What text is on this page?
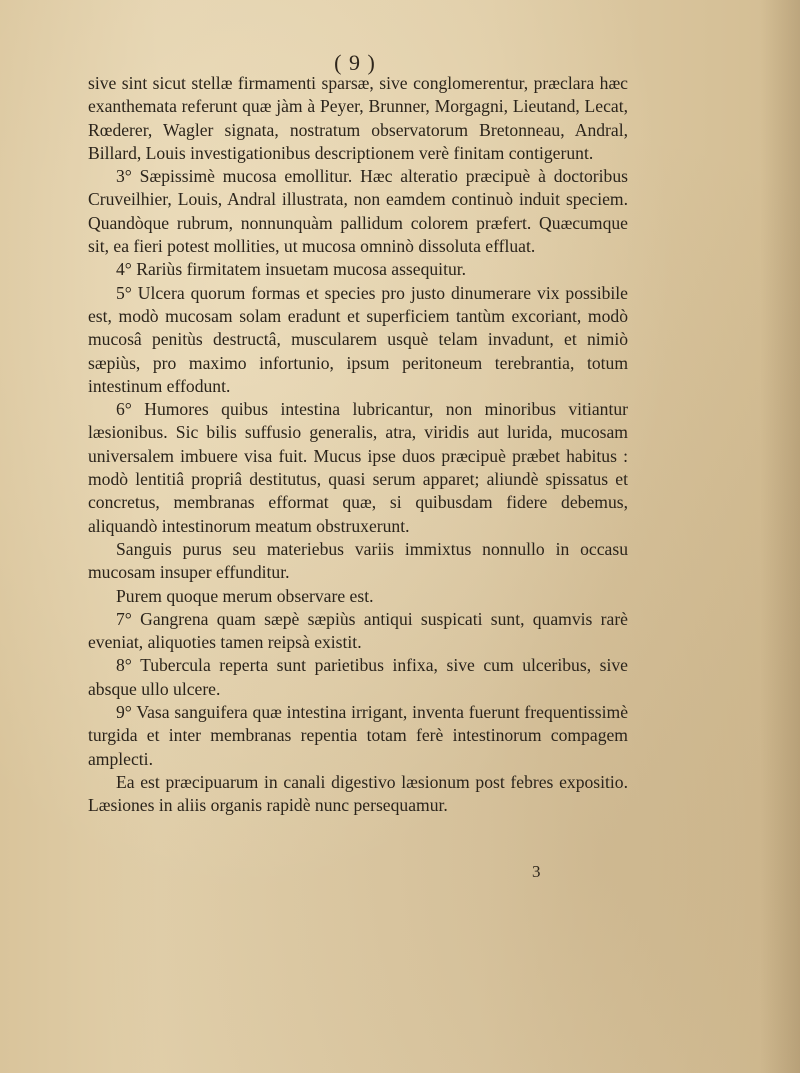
( 9 )

sive sint sicut stellæ firmamenti sparsæ, sive conglomerentur, præclara hæc exanthemata referunt quæ jàm à Peyer, Brunner, Morgagni, Lieutand, Lecat, Rœderer, Wagler signata, nostratum observatorum Bretonneau, Andral, Billard, Louis investigationibus descriptionem verè finitam contigerunt.

3° Sæpissimè mucosa emollitur. Hæc alteratio præcipuè à doctoribus Cruveilhier, Louis, Andral illustrata, non eamdem continuò induit speciem. Quandòque rubrum, nonnunquàm pallidum colorem præfert. Quæcumque sit, ea fieri potest mollities, ut mucosa omninò dissoluta effluat.

4° Rariùs firmitatem insuetam mucosa assequitur.

5° Ulcera quorum formas et species pro justo dinumerare vix possibile est, modò mucosam solam eradunt et superficiem tantùm excoriant, modò mucosâ penitùs destructâ, muscularem usquè telam invadunt, et nimiò sæpiùs, pro maximo infortunio, ipsum peritoneum terebrantia, totum intestinum effodunt.

6° Humores quibus intestina lubricantur, non minoribus vitiantur læsionibus. Sic bilis suffusio generalis, atra, viridis aut lurida, mucosam universalem imbuere visa fuit. Mucus ipse duos præcipuè præbet habitus : modò lentitiâ propriâ destitutus, quasi serum apparet; aliundè spissatus et concretus, membranas efformat quæ, si quibusdam fidere debemus, aliquandò intestinorum meatum obstruxerunt.

Sanguis purus seu materiebus variis immixtus nonnullo in occasu mucosam insuper effunditur.

Purem quoque merum observare est.

7° Gangrena quam sæpè sæpiùs antiqui suspicati sunt, quamvis rarè eveniat, aliquoties tamen reipsà existit.

8° Tubercula reperta sunt parietibus infixa, sive cum ulceribus, sive absque ullo ulcere.

9° Vasa sanguifera quæ intestina irrigant, inventa fuerunt frequentissimè turgida et inter membranas repentia totam ferè intestinorum compagem amplecti.

Ea est præcipuarum in canali digestivo læsionum post febres expositio. Læsiones in aliis organis rapidè nunc persequamur.

3
